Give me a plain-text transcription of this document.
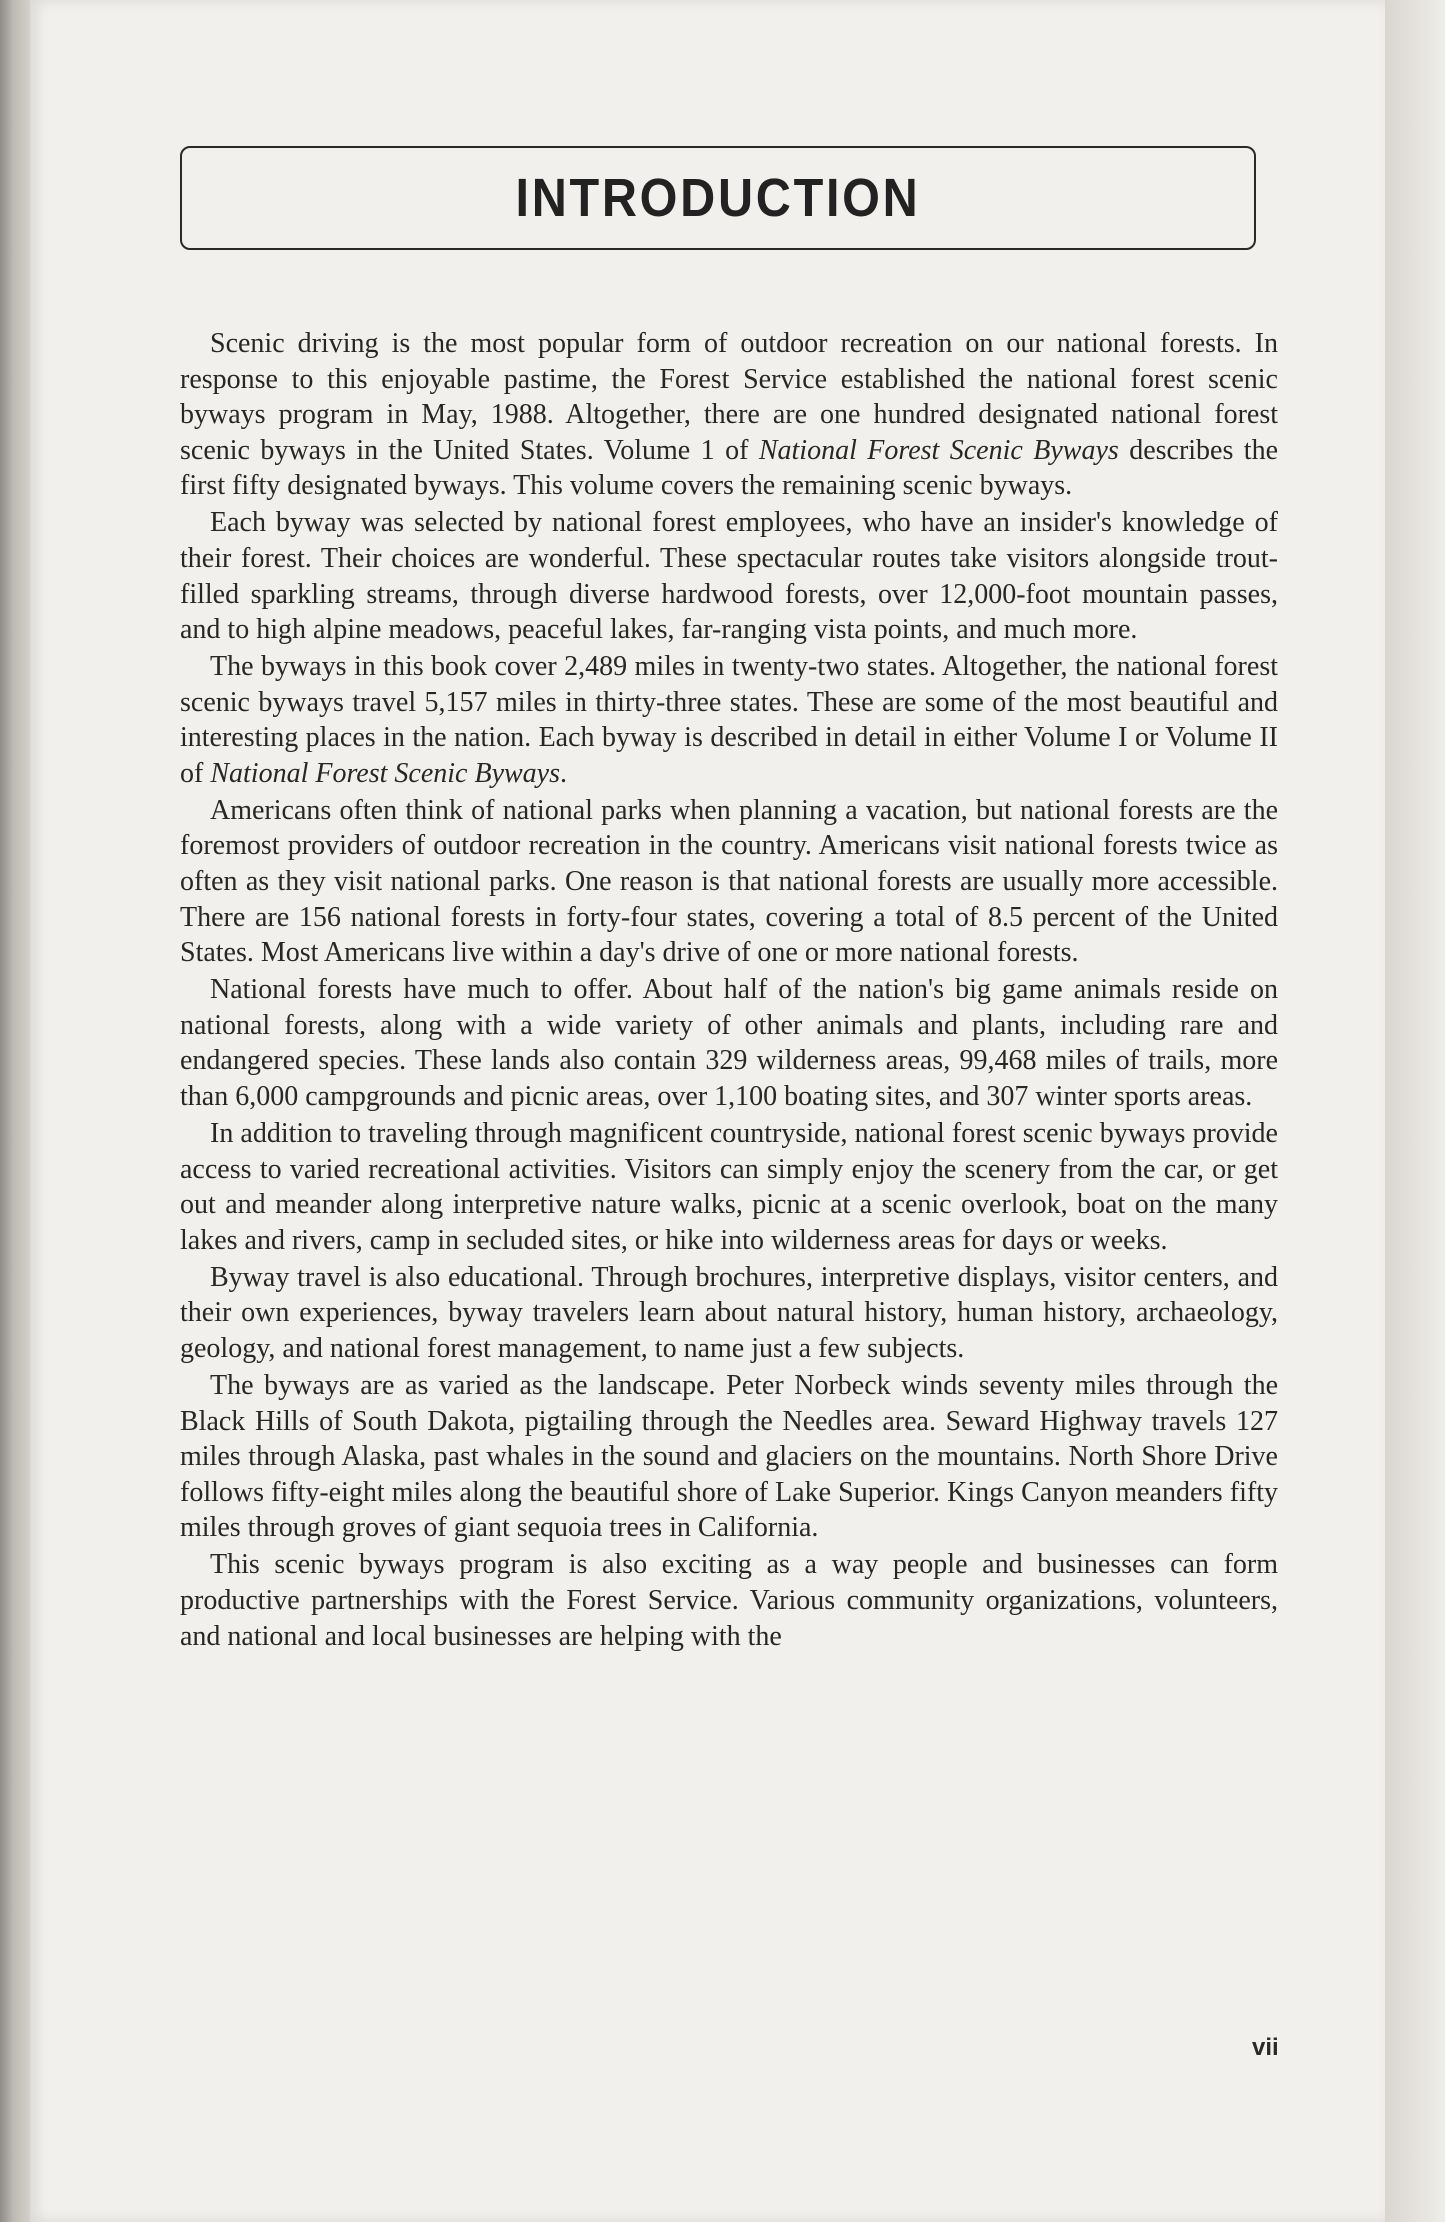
INTRODUCTION

Scenic driving is the most popular form of outdoor recreation on our national forests. In response to this enjoyable pastime, the Forest Service established the national forest scenic byways program in May, 1988. Altogether, there are one hundred designated national forest scenic byways in the United States. Volume 1 of National Forest Scenic Byways describes the first fifty designated byways. This volume covers the remaining scenic byways.

Each byway was selected by national forest employees, who have an insider's knowledge of their forest. Their choices are wonderful. These spectacular routes take visitors alongside trout-filled sparkling streams, through diverse hardwood forests, over 12,000-foot mountain passes, and to high alpine meadows, peaceful lakes, far-ranging vista points, and much more.

The byways in this book cover 2,489 miles in twenty-two states. Altogether, the national forest scenic byways travel 5,157 miles in thirty-three states. These are some of the most beautiful and interesting places in the nation. Each byway is described in detail in either Volume I or Volume II of National Forest Scenic Byways.

Americans often think of national parks when planning a vacation, but national forests are the foremost providers of outdoor recreation in the country. Americans visit national forests twice as often as they visit national parks. One reason is that national forests are usually more accessible. There are 156 national forests in forty-four states, covering a total of 8.5 percent of the United States. Most Americans live within a day's drive of one or more national forests.

National forests have much to offer. About half of the nation's big game animals reside on national forests, along with a wide variety of other animals and plants, including rare and endangered species. These lands also contain 329 wilderness areas, 99,468 miles of trails, more than 6,000 campgrounds and picnic areas, over 1,100 boating sites, and 307 winter sports areas.

In addition to traveling through magnificent countryside, national forest scenic byways provide access to varied recreational activities. Visitors can simply enjoy the scenery from the car, or get out and meander along interpretive nature walks, picnic at a scenic overlook, boat on the many lakes and rivers, camp in secluded sites, or hike into wilderness areas for days or weeks.

Byway travel is also educational. Through brochures, interpretive displays, visitor centers, and their own experiences, byway travelers learn about natural history, human history, archaeology, geology, and national forest management, to name just a few subjects.

The byways are as varied as the landscape. Peter Norbeck winds seventy miles through the Black Hills of South Dakota, pigtailing through the Needles area. Seward Highway travels 127 miles through Alaska, past whales in the sound and glaciers on the mountains. North Shore Drive follows fifty-eight miles along the beautiful shore of Lake Superior. Kings Canyon meanders fifty miles through groves of giant sequoia trees in California.

This scenic byways program is also exciting as a way people and businesses can form productive partnerships with the Forest Service. Various community organizations, volunteers, and national and local businesses are helping with the

vii
